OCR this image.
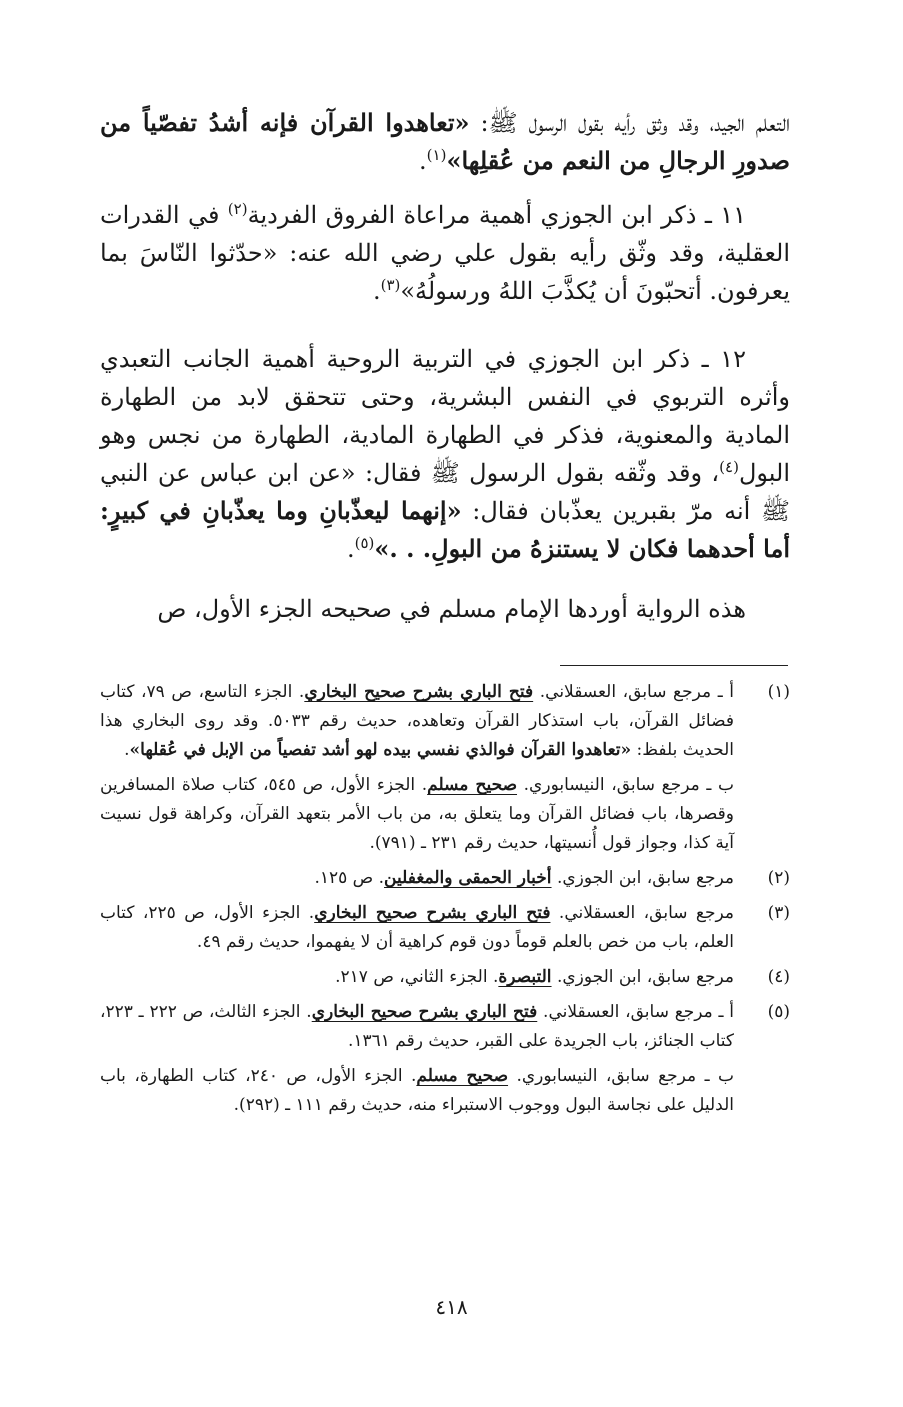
التعلم الجيد، وقد وثق رأيه بقول الرسول ﷺ: «تعاهدوا القرآن فإنه أشدُ تفصّياً من صدورِ الرجالِ من النعم من عُقلِها»$^{(١)}$.
١١ ـ ذكر ابن الجوزي أهمية مراعاة الفروق الفردية$^{(٢)}$ في القدرات العقلية، وقد وثّق رأيه بقول علي رضي الله عنه: «حدّثوا النّاسَ بما يعرفون. أتحبّونَ أن يُكذَّبَ اللهُ ورسولُهُ»$^{(٣)}$.
١٢ ـ ذكر ابن الجوزي في التربية الروحية أهمية الجانب التعبدي وأثره التربوي في النفس البشرية، وحتى تتحقق لابد من الطهارة المادية والمعنوية، فذكر في الطهارة المادية، الطهارة من نجس وهو البول$^{(٤)}$، وقد وثّقه بقول الرسول ﷺ فقال: «عن ابن عباس عن النبي ﷺ أنه مرّ بقبرين يعذّبان فقال: «إنهما ليعذّبانِ وما يعذّبانِ في كبيرٍ: أما أحدهما فكان لا يستنزهُ من البولِ. . .»$^{(٥)}$.
هذه الرواية أوردها الإمام مسلم في صحيحه الجزء الأول، ص
(١)
أ ـ مرجع سابق، العسقلاني. فتح الباري بشرح صحيح البخاري. الجزء التاسع، ص ٧٩، كتاب فضائل القرآن، باب استذكار القرآن وتعاهده، حديث رقم ٥٠٣٣. وقد روى البخاري هذا الحديث بلفظ: «تعاهدوا القرآن فوالذي نفسي بيده لهو أشد تفصياً من الإبل في عُقلها».
ب ـ مرجع سابق، النيسابوري. صحيح مسلم. الجزء الأول، ص ٥٤٥، كتاب صلاة المسافرين وقصرها، باب فضائل القرآن وما يتعلق به، من باب الأمر بتعهد القرآن، وكراهة قول نسيت آية كذا، وجواز قول أُنسيتها، حديث رقم ٢٣١ ـ (٧٩١).
(٢)
مرجع سابق، ابن الجوزي. أخبار الحمقى والمغفلين. ص ١٢٥.
(٣)
مرجع سابق، العسقلاني. فتح الباري بشرح صحيح البخاري. الجزء الأول، ص ٢٢٥، كتاب العلم، باب من خص بالعلم قوماً دون قوم كراهية أن لا يفهموا، حديث رقم ٤٩.
(٤)
مرجع سابق، ابن الجوزي. التبصرة. الجزء الثاني، ص ٢١٧.
(٥)
أ ـ مرجع سابق، العسقلاني. فتح الباري بشرح صحيح البخاري. الجزء الثالث، ص ٢٢٢ ـ ٢٢٣، كتاب الجنائز، باب الجريدة على القبر، حديث رقم ١٣٦١.
ب ـ مرجع سابق، النيسابوري. صحيح مسلم. الجزء الأول، ص ٢٤٠، كتاب الطهارة، باب الدليل على نجاسة البول ووجوب الاستبراء منه، حديث رقم ١١١ ـ (٢٩٢).
٤١٨
